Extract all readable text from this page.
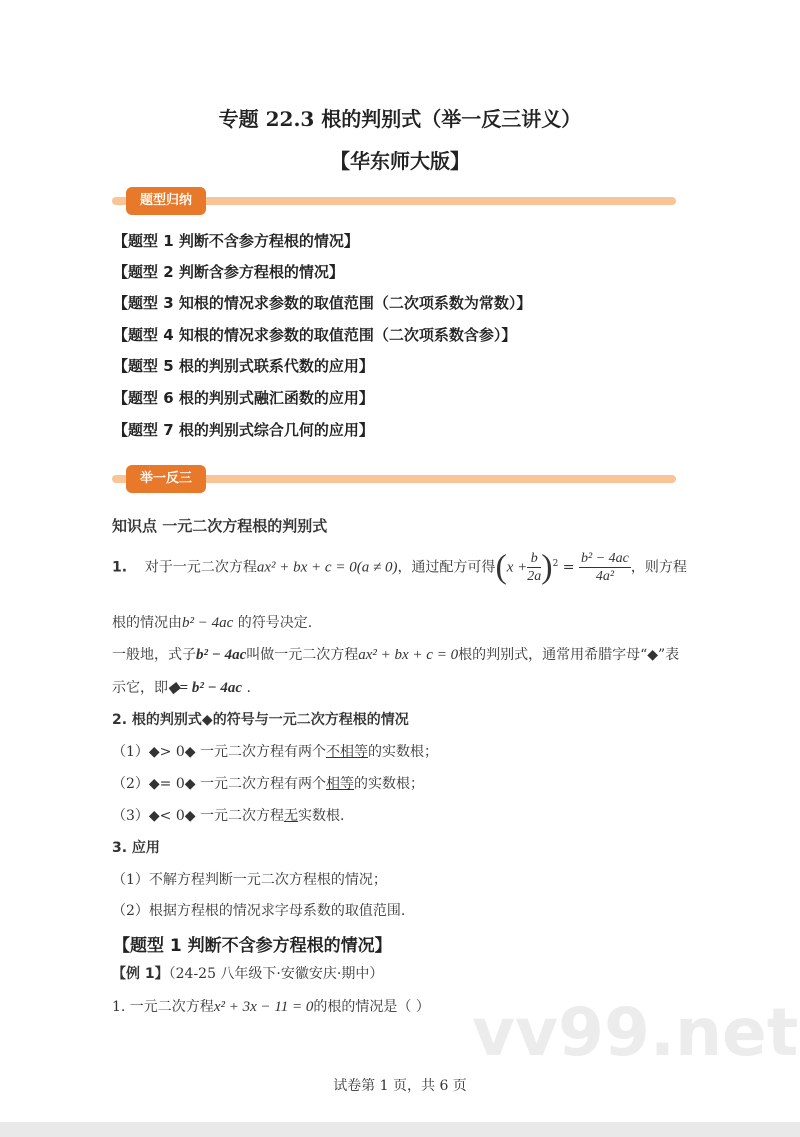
专题 22.3 根的判别式（举一反三讲义）
【华东师大版】
题型归纳
【题型 1 判断不含参方程根的情况】
【题型 2 判断含参方程根的情况】
【题型 3 知根的情况求参数的取值范围（二次项系数为常数）】
【题型 4 知根的情况求参数的取值范围（二次项系数含参）】
【题型 5 根的判别式联系代数的应用】
【题型 6 根的判别式融汇函数的应用】
【题型 7 根的判别式综合几何的应用】
举一反三
知识点 一元二次方程根的判别式
1. 对于一元二次方程ax² + bx + c = 0(a ≠ 0)，通过配方可得$(x + \frac{b}{2a} )^2 = \frac{\text{b² − 4ac}}{\text{4a²}}$ ，则方程
根的情况由b² − 4ac 的符号决定.
一般地，式子b² − 4ac叫做一元二次方程ax² + bx + c = 0根的判别式，通常用希腊字母“◆”表
示它，即◆= b² − 4ac .
2. 根的判别式◆的符号与一元二次方程根的情况
（1）◆> 0◆ 一元二次方程有两个不相等的实数根；
（2）◆= 0◆ 一元二次方程有两个相等的实数根；
（3）◆< 0◆ 一元二次方程无实数根.
3. 应用
（1）不解方程判断一元二次方程根的情况；
（2）根据方程根的情况求字母系数的取值范围.
【题型 1 判断不含参方程根的情况】
【例 1】（24-25 八年级下·安徽安庆·期中）
1. 一元二次方程x² + 3x − 11 = 0的根的情况是（ ） vv99.net
试卷第 1 页，共 6 页
